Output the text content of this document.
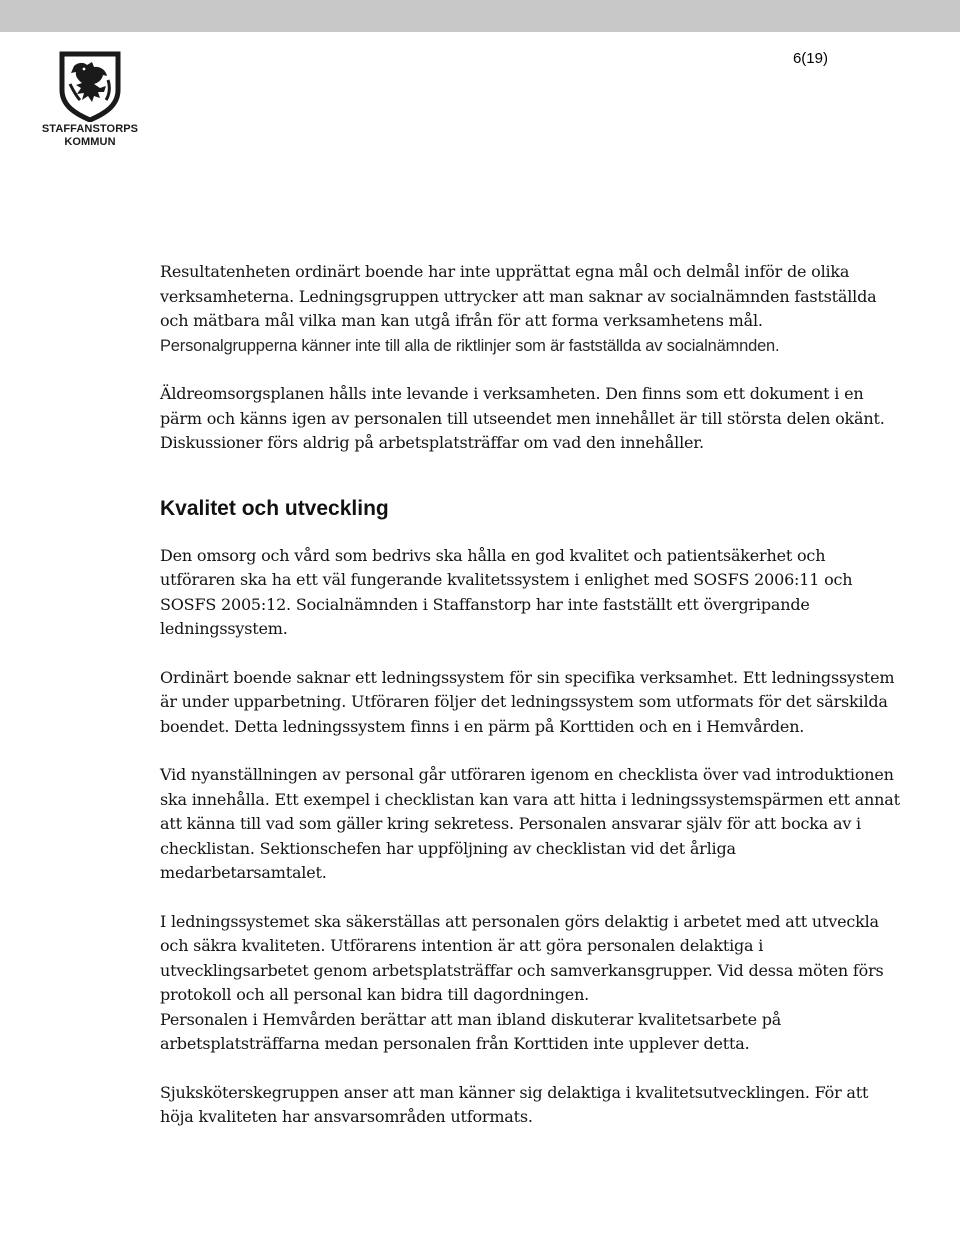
STAFFANSTORPS
KOMMUN
6(19)

Resultatenheten ordinärt boende har inte upprättat egna mål och delmål inför de olika verksamheterna. Ledningsgruppen uttrycker att man saknar av socialnämnden fastställda och mätbara mål vilka man kan utgå ifrån för att forma verksamhetens mål. Personalgrupperna känner inte till alla de riktlinjer som är fastställda av socialnämnden.

Äldreomsorgsplanen hålls inte levande i verksamheten. Den finns som ett dokument i en pärm och känns igen av personalen till utseendet men innehållet är till största delen okänt. Diskussioner förs aldrig på arbetsplatsträffar om vad den innehåller.

Kvalitet och utveckling

Den omsorg och vård som bedrivs ska hålla en god kvalitet och patientsäkerhet och utföraren ska ha ett väl fungerande kvalitetssystem i enlighet med SOSFS 2006:11 och SOSFS 2005:12. Socialnämnden i Staffanstorp har inte fastställt ett övergripande ledningssystem.

Ordinärt boende saknar ett ledningssystem för sin specifika verksamhet. Ett ledningssystem är under upparbetning. Utföraren följer det ledningssystem som utformats för det särskilda boendet. Detta ledningssystem finns i en pärm på Korttiden och en i Hemvården.

Vid nyanställningen av personal går utföraren igenom en checklista över vad introduktionen ska innehålla. Ett exempel i checklistan kan vara att hitta i ledningssystemspärmen ett annat att känna till vad som gäller kring sekretess. Personalen ansvarar själv för att bocka av i checklistan. Sektionschefen har uppföljning av checklistan vid det årliga medarbetarsamtalet.

I ledningssystemet ska säkerställas att personalen görs delaktig i arbetet med att utveckla och säkra kvaliteten. Utförarens intention är att göra personalen delaktiga i utvecklingsarbetet genom arbetsplatsträffar och samverkansgrupper. Vid dessa möten förs protokoll och all personal kan bidra till dagordningen.

Personalen i Hemvården berättar att man ibland diskuterar kvalitetsarbete på arbetsplatsträffarna medan personalen från Korttiden inte upplever detta.

Sjuksköterskegruppen anser att man känner sig delaktiga i kvalitetsutvecklingen. För att höja kvaliteten har ansvarsområden utformats.
